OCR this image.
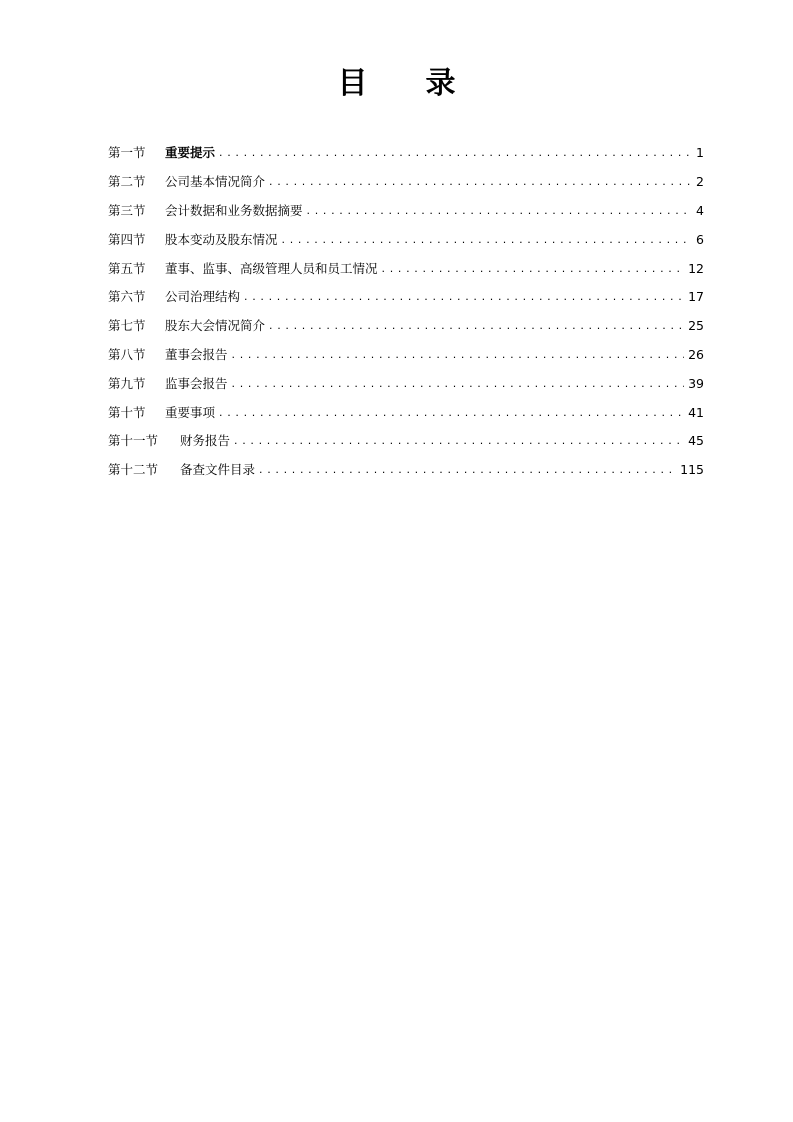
目 录
第一节	重要提示 . . .	1
第二节	公司基本情况简介 . . .	2
第三节	会计数据和业务数据摘要 . . .	4
第四节	股本变动及股东情况 . . .	6
第五节	董事、监事、高级管理人员和员工情况 . . .	12
第六节	公司治理结构 . . .	17
第七节	股东大会情况简介 . . .	25
第八节	董事会报告 . . .	26
第九节	监事会报告 . . .	39
第十节	重要事项 . . .	41
第十一节	财务报告 . . .	45
第十二节	备查文件目录 . . .	115
